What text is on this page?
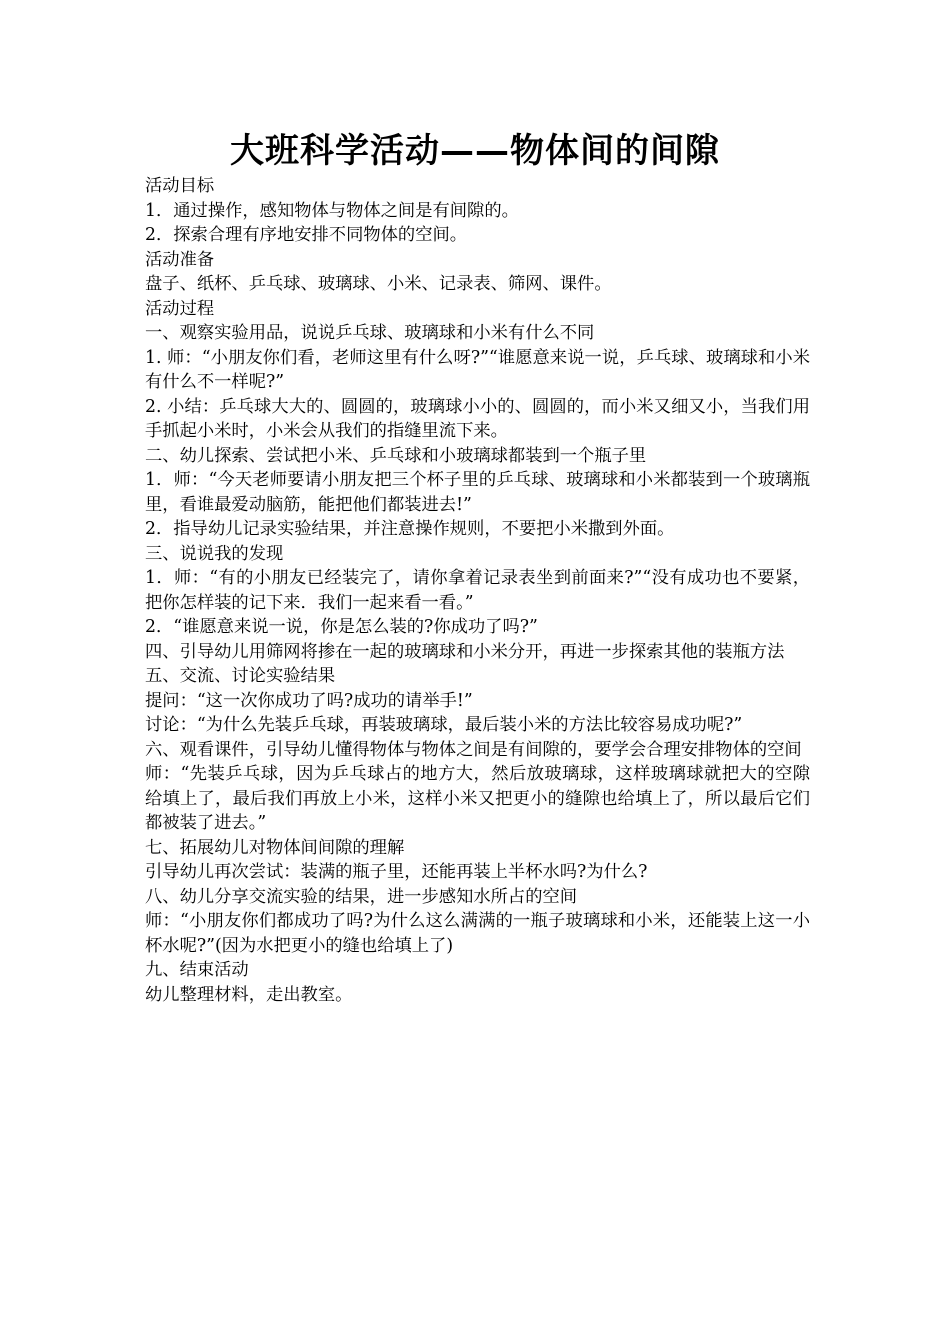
大班科学活动——物体间的间隙

活动目标

1．通过操作，感知物体与物体之间是有间隙的。

2．探索合理有序地安排不同物体的空间。

活动准备

盘子、纸杯、乒乓球、玻璃球、小米、记录表、筛网、课件。

活动过程

一、观察实验用品，说说乒乓球、玻璃球和小米有什么不同

1. 师：“小朋友你们看，老师这里有什么呀?”“谁愿意来说一说，乒乓球、玻璃球和小米有什么不一样呢?”

2. 小结：乒乓球大大的、圆圆的，玻璃球小小的、圆圆的，而小米又细又小，当我们用手抓起小米时，小米会从我们的指缝里流下来。

二、幼儿探索、尝试把小米、乒乓球和小玻璃球都装到一个瓶子里

1．师：“今天老师要请小朋友把三个杯子里的乒乓球、玻璃球和小米都装到一个玻璃瓶里，看谁最爱动脑筋，能把他们都装进去!”

2．指导幼儿记录实验结果，并注意操作规则，不要把小米撒到外面。

三、说说我的发现

1．师：“有的小朋友已经装完了，请你拿着记录表坐到前面来?”“没有成功也不要紧，把你怎样装的记下来．我们一起来看一看。”

2．“谁愿意来说一说，你是怎么装的?你成功了吗?”

四、引导幼儿用筛网将掺在一起的玻璃球和小米分开，再进一步探索其他的装瓶方法

五、交流、讨论实验结果

提问：“这一次你成功了吗?成功的请举手!”

讨论：“为什么先装乒乓球，再装玻璃球，最后装小米的方法比较容易成功呢?”

六、观看课件，引导幼儿懂得物体与物体之间是有间隙的，要学会合理安排物体的空间

师：“先装乒乓球，因为乒乓球占的地方大，然后放玻璃球，这样玻璃球就把大的空隙给填上了，最后我们再放上小米，这样小米又把更小的缝隙也给填上了，所以最后它们都被装了进去。”

七、拓展幼儿对物体间间隙的理解

引导幼儿再次尝试：装满的瓶子里，还能再装上半杯水吗?为什么?

八、幼儿分享交流实验的结果，进一步感知水所占的空间

师：“小朋友你们都成功了吗?为什么这么满满的一瓶子玻璃球和小米，还能装上这一小杯水呢?”(因为水把更小的缝也给填上了)

九、结束活动

幼儿整理材料，走出教室。
